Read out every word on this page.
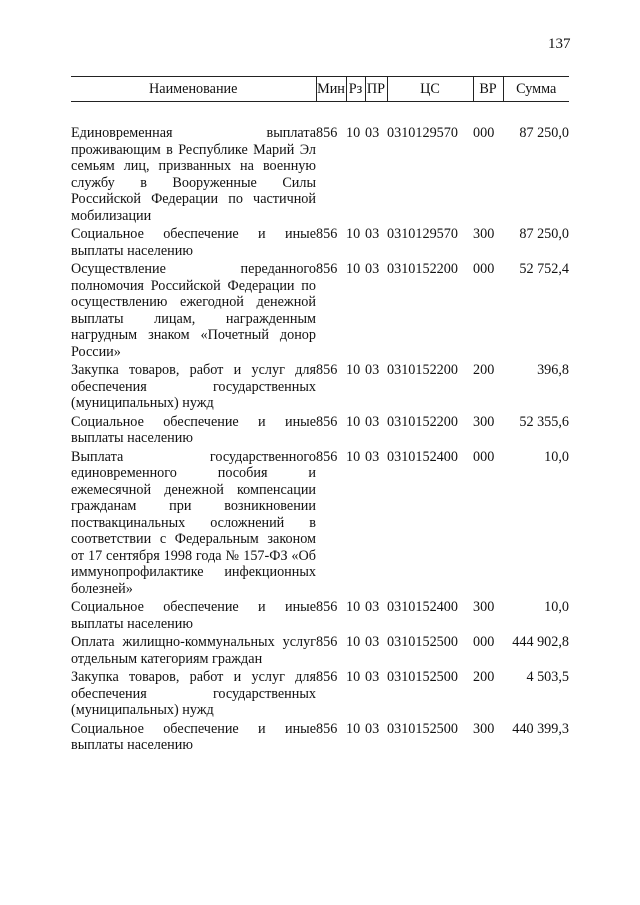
137
Наименование	Мин	Рз	ПР	ЦС	ВР	Сумма

Единовременная выплата проживающим в Республике Марий Эл семьям лиц, призванных на военную службу в Вооруженные Силы Российской Федерации по частичной мобилизации	856	10	03	0310129570	000	87 250,0
Социальное обеспечение и иные выплаты населению	856	10	03	0310129570	300	87 250,0
Осуществление переданного полномочия Российской Федерации по осуществлению ежегодной денежной выплаты лицам, награжденным нагрудным знаком «Почетный донор России»	856	10	03	0310152200	000	52 752,4
Закупка товаров, работ и услуг для обеспечения государственных (муниципальных) нужд	856	10	03	0310152200	200	396,8
Социальное обеспечение и иные выплаты населению	856	10	03	0310152200	300	52 355,6
Выплата государственного единовременного пособия и ежемесячной денежной компенсации гражданам при возникновении поствакцинальных осложнений в соответствии с Федеральным законом от 17 сентября 1998 года № 157-ФЗ «Об иммунопрофилактике инфекционных болезней»	856	10	03	0310152400	000	10,0
Социальное обеспечение и иные выплаты населению	856	10	03	0310152400	300	10,0
Оплата жилищно-коммунальных услуг отдельным категориям граждан	856	10	03	0310152500	000	444 902,8
Закупка товаров, работ и услуг для обеспечения государственных (муниципальных) нужд	856	10	03	0310152500	200	4 503,5
Социальное обеспечение и иные выплаты населению	856	10	03	0310152500	300	440 399,3
